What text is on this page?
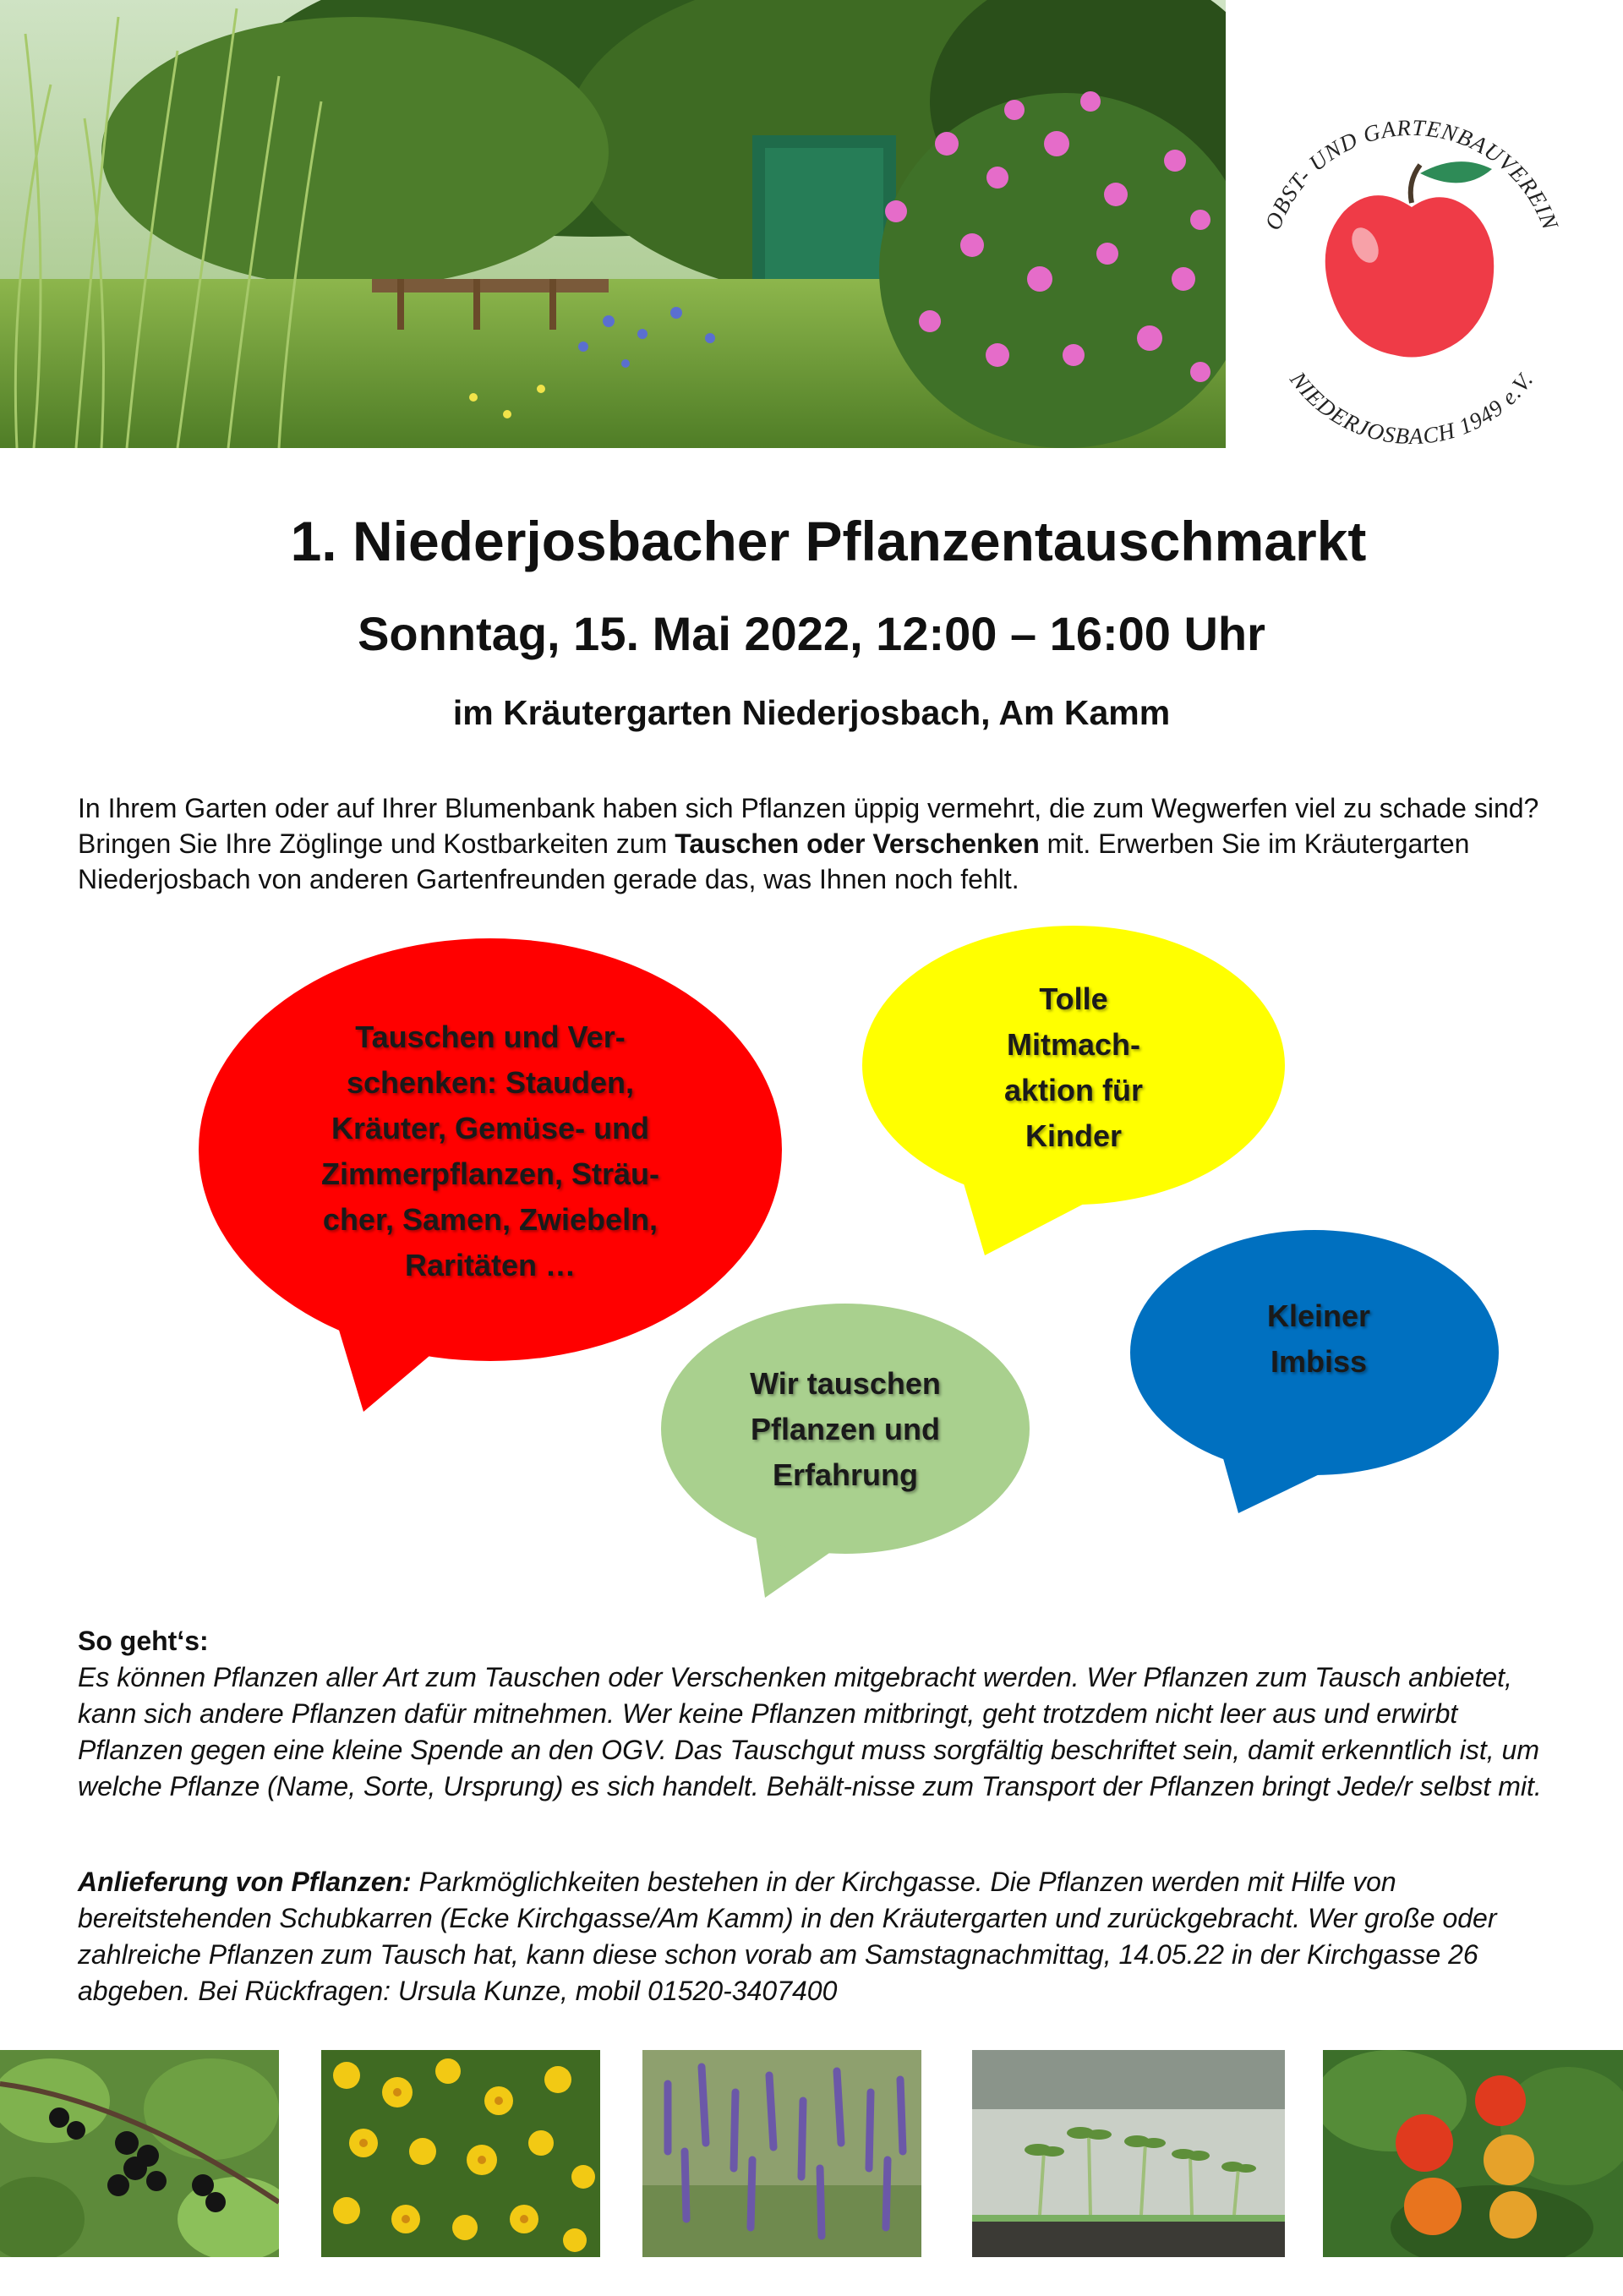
OBST- UND GARTENBAUVEREIN
NIEDERJOSBACH 1949 e.V.
1. Niederjosbacher Pflanzentauschmarkt
Sonntag, 15. Mai 2022, 12:00 – 16:00 Uhr
im Kräutergarten Niederjosbach, Am Kamm
In Ihrem Garten oder auf Ihrer Blumenbank haben sich Pflanzen üppig vermehrt, die zum Wegwerfen viel zu schade sind? Bringen Sie Ihre Zöglinge und Kostbarkeiten zum Tauschen oder Verschenken mit. Erwerben Sie im Kräutergarten Niederjosbach von anderen Gartenfreunden gerade das, was Ihnen noch fehlt.
Tauschen und Ver-
schenken: Stauden,
Kräuter, Gemüse- und
Zimmerpflanzen, Sträu-
cher, Samen, Zwiebeln,
Raritäten …
Tolle
Mitmach-
aktion für
Kinder
Wir tauschen
Pflanzen und
Erfahrung
Kleiner
Imbiss
So geht‘s:
Es können Pflanzen aller Art zum Tauschen oder Verschenken mitgebracht werden. Wer Pflanzen zum Tausch anbietet, kann sich andere Pflanzen dafür mitnehmen. Wer keine Pflanzen mitbringt, geht trotzdem nicht leer aus und erwirbt Pflanzen gegen eine kleine Spende an den OGV. Das Tauschgut muss sorgfältig beschriftet sein, damit erkenntlich ist, um welche Pflanze (Name, Sorte, Ursprung) es sich handelt. Behält-nisse zum Transport der Pflanzen bringt Jede/r selbst mit.
Anlieferung von Pflanzen: Parkmöglichkeiten bestehen in der Kirchgasse. Die Pflanzen werden mit Hilfe von bereitstehenden Schubkarren (Ecke Kirchgasse/Am Kamm) in den Kräutergarten und zurückgebracht. Wer große oder zahlreiche Pflanzen zum Tausch hat, kann diese schon vorab am Samstagnachmittag, 14.05.22 in der Kirchgasse 26 abgeben. Bei Rückfragen: Ursula Kunze, mobil 01520-3407400
